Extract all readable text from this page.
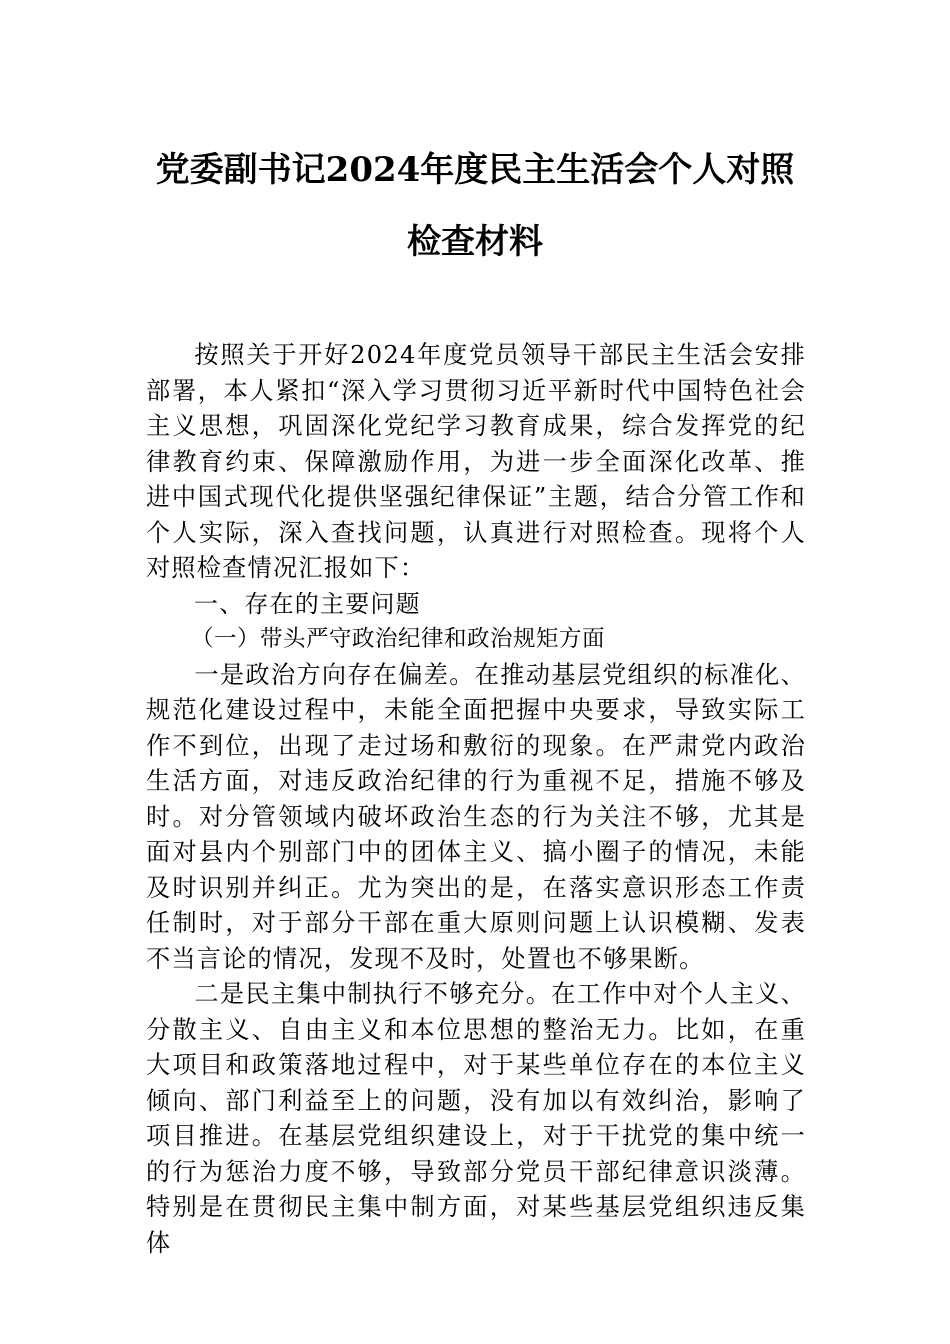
党委副书记2024年度民主生活会个人对照
检查材料

按照关于开好2024年度党员领导干部民主生活会安排部署，本人紧扣“深入学习贯彻习近平新时代中国特色社会主义思想，巩固深化党纪学习教育成果，综合发挥党的纪律教育约束、保障激励作用，为进一步全面深化改革、推进中国式现代化提供坚强纪律保证”主题，结合分管工作和个人实际，深入查找问题，认真进行对照检查。现将个人对照检查情况汇报如下：

一、存在的主要问题

（一）带头严守政治纪律和政治规矩方面

一是政治方向存在偏差。在推动基层党组织的标准化、规范化建设过程中，未能全面把握中央要求，导致实际工作不到位，出现了走过场和敷衍的现象。在严肃党内政治生活方面，对违反政治纪律的行为重视不足，措施不够及时。对分管领域内破坏政治生态的行为关注不够，尤其是面对县内个别部门中的团体主义、搞小圈子的情况，未能及时识别并纠正。尤为突出的是，在落实意识形态工作责任制时，对于部分干部在重大原则问题上认识模糊、发表不当言论的情况，发现不及时，处置也不够果断。

二是民主集中制执行不够充分。在工作中对个人主义、分散主义、自由主义和本位思想的整治无力。比如，在重大项目和政策落地过程中，对于某些单位存在的本位主义倾向、部门利益至上的问题，没有加以有效纠治，影响了项目推进。在基层党组织建设上，对于干扰党的集中统一的行为惩治力度不够，导致部分党员干部纪律意识淡薄。特别是在贯彻民主集中制方面，对某些基层党组织违反集体
